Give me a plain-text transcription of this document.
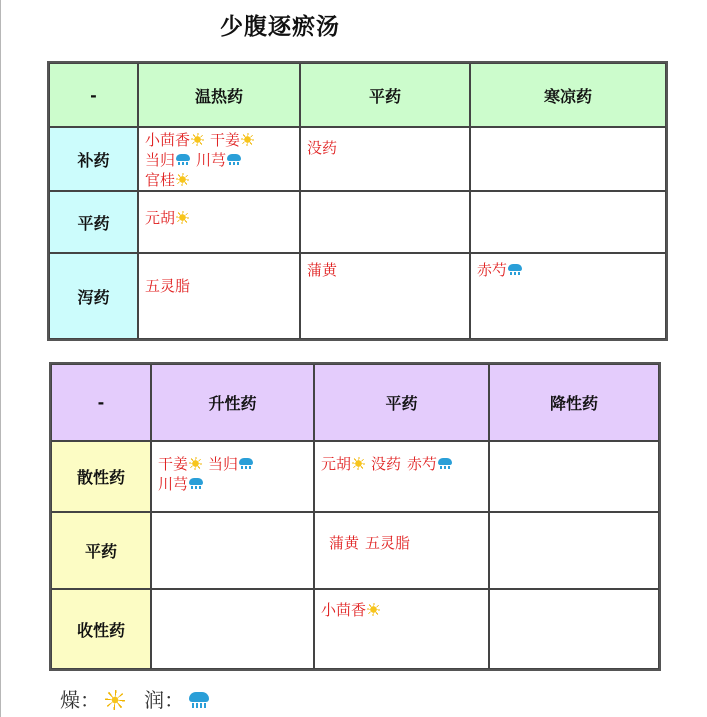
少腹逐瘀汤
-	温热药	平药	寒凉药
补药	小茴香 干姜当归 川芎官桂	没药	

平药	元胡		

泻药	五灵脂	蒲黄	赤芍
-	升性药	平药	降性药
散性药	干姜 当归川芎	元胡 没药 赤芍	

平药		蒲黄 五灵脂	

收性药		小茴香	

燥： 润：
